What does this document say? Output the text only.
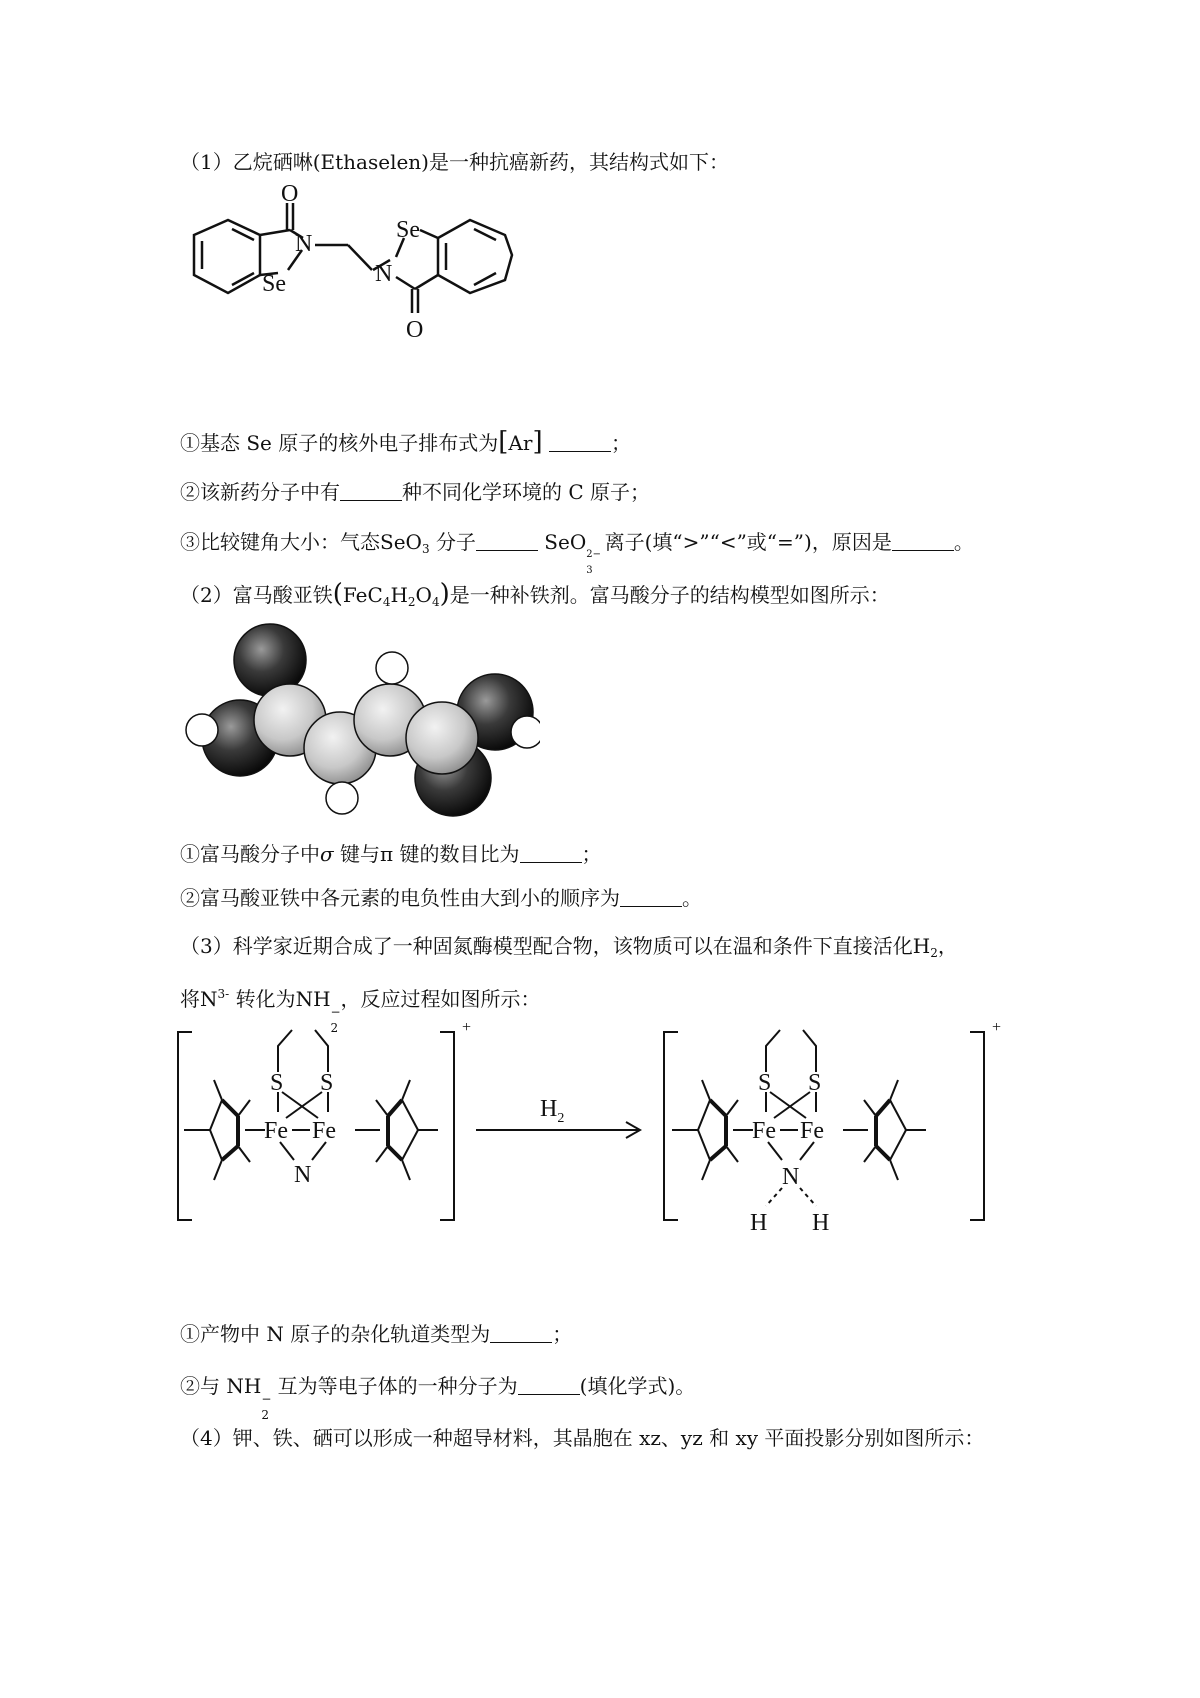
（1）乙烷硒啉(Ethaselen)是一种抗癌新药，其结构式如下：
O
N
Se
Se
N
O
①基态 Se 原子的核外电子排布式为[Ar]	；
②该新药分子中有	种不同化学环境的 C 原子；
③比较键角大小：气态SeO$_3$ 分子	SeO
2−
3
离子(填“>”“<”或“=”)，原因是	。
（2）富马酸亚铁$(FeC_4H_2O_4)$是一种补铁剂。富马酸分子的结构模型如图所示：
①富马酸分子中σ 键与π 键的数目比为	；
②富马酸亚铁中各元素的电负性由大到小的顺序为	。
（3）科学家近期合成了一种固氮酶模型配合物，该物质可以在温和条件下直接活化$H_2$，
将$N^{3-}$ 转化为NH
−
2
，反应过程如图所示：
S S
Fe Fe
N
+
$H_2$
S S
Fe Fe
N
H H
+
①产物中 N 原子的杂化轨道类型为	；
②与 NH
−
2
互为等电子体的一种分子为	(填化学式)。
（4）钾、铁、硒可以形成一种超导材料，其晶胞在 xz、yz 和 xy 平面投影分别如图所示：
